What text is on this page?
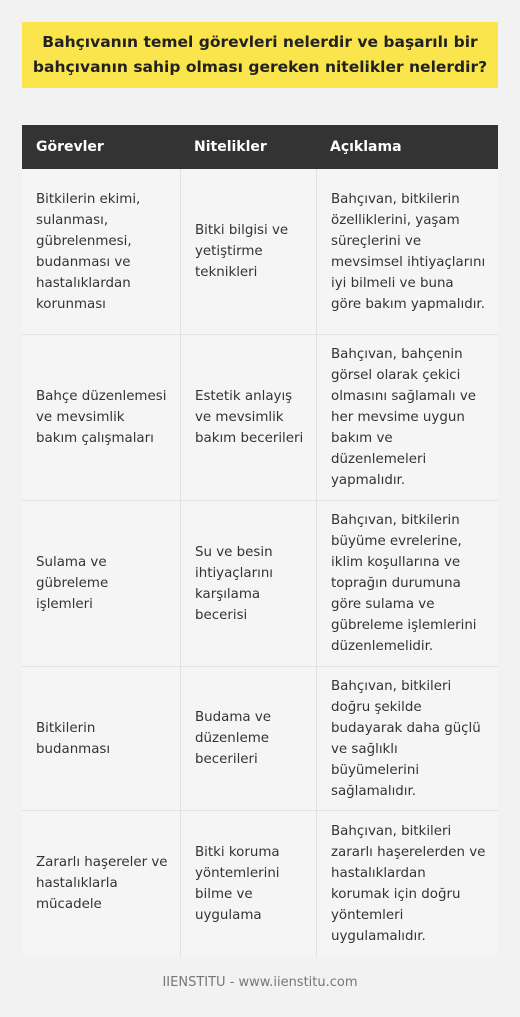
Bahçıvanın temel görevleri nelerdir ve başarılı bir bahçıvanın sahip olması gereken nitelikler nelerdir?
Görevler	Nitelikler	Açıklama
Bitkilerin ekimi, sulanması, gübrelenmesi, budanması ve hastalıklardan korunması
Bitki bilgisi ve yetiştirme teknikleri
Bahçıvan, bitkilerin özelliklerini, yaşam süreçlerini ve mevsimsel ihtiyaçlarını iyi bilmeli ve buna göre bakım yapmalıdır.
Bahçe düzenlemesi ve mevsimlik bakım çalışmaları
Estetik anlayış ve mevsimlik bakım becerileri
Bahçıvan, bahçenin görsel olarak çekici olmasını sağlamalı ve her mevsime uygun bakım ve düzenlemeleri yapmalıdır.
Sulama ve gübreleme işlemleri
Su ve besin ihtiyaçlarını karşılama becerisi
Bahçıvan, bitkilerin büyüme evrelerine, iklim koşullarına ve toprağın durumuna göre sulama ve gübreleme işlemlerini düzenlemelidir.
Bitkilerin budanması
Budama ve düzenleme becerileri
Bahçıvan, bitkileri doğru şekilde budayarak daha güçlü ve sağlıklı büyümelerini sağlamalıdır.
Zararlı haşereler ve hastalıklarla mücadele
Bitki koruma yöntemlerini bilme ve uygulama
Bahçıvan, bitkileri zararlı haşerelerden ve hastalıklardan korumak için doğru yöntemleri uygulamalıdır.
IIENSTITU - www.iienstitu.com
